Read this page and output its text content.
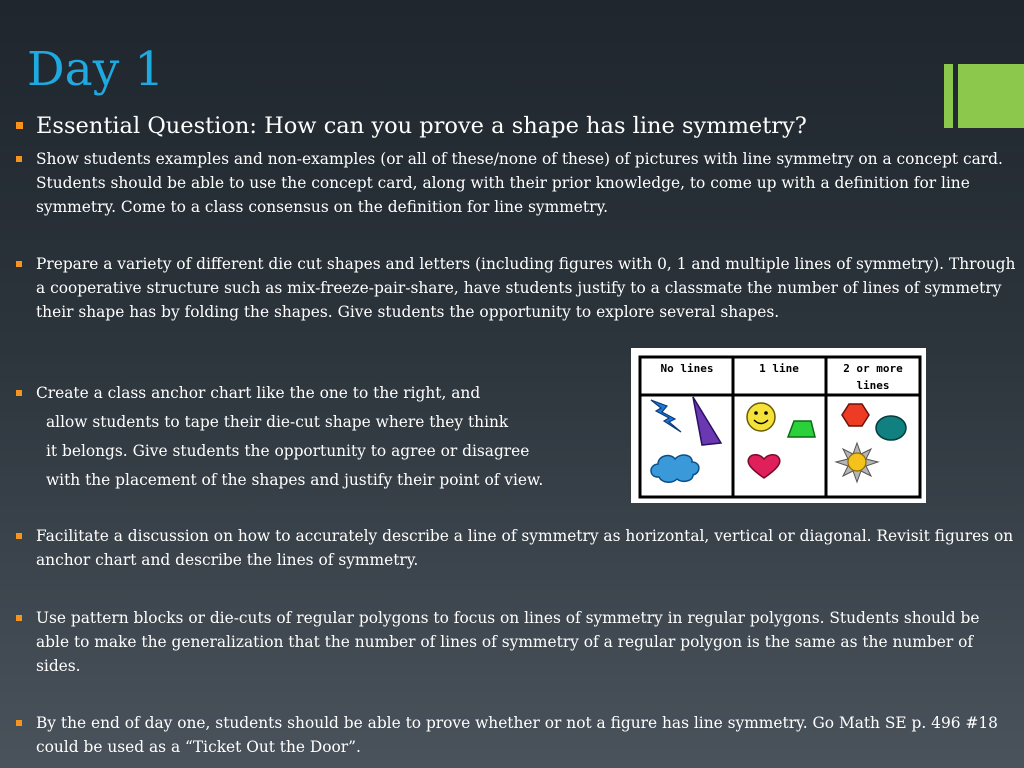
Day 1
Essential Question: How can you prove a shape has line symmetry?
Show students examples and non-examples (or all of these/none of these) of pictures with line symmetry on a concept card. Students should be able to use the concept card, along with their prior knowledge, to come up with a definition for line symmetry. Come to a class consensus on the definition for line symmetry.
Prepare a variety of different die cut shapes and letters (including figures with 0, 1 and multiple lines of symmetry). Through a cooperative structure such as mix-freeze-pair-share, have students justify to a classmate the number of lines of symmetry their shape has by folding the shapes. Give students the opportunity to explore several shapes.
Create a class anchor chart like the one to the right, and
allow students to tape their die-cut shape where they think
it belongs. Give students the opportunity to agree or disagree
with the placement of the shapes and justify their point of view.
Facilitate a discussion on how to accurately describe a line of symmetry as horizontal, vertical or diagonal. Revisit figures on anchor chart and describe the lines of symmetry.
Use pattern blocks or die-cuts of regular polygons to focus on lines of symmetry in regular polygons. Students should be able to make the generalization that the number of lines of symmetry of a regular polygon is the same as the number of sides.
By the end of day one, students should be able to prove whether or not a figure has line symmetry. Go Math SE p. 496 #18 could be used as a “Ticket Out the Door”.
No lines	1 line	2 or more
lines
